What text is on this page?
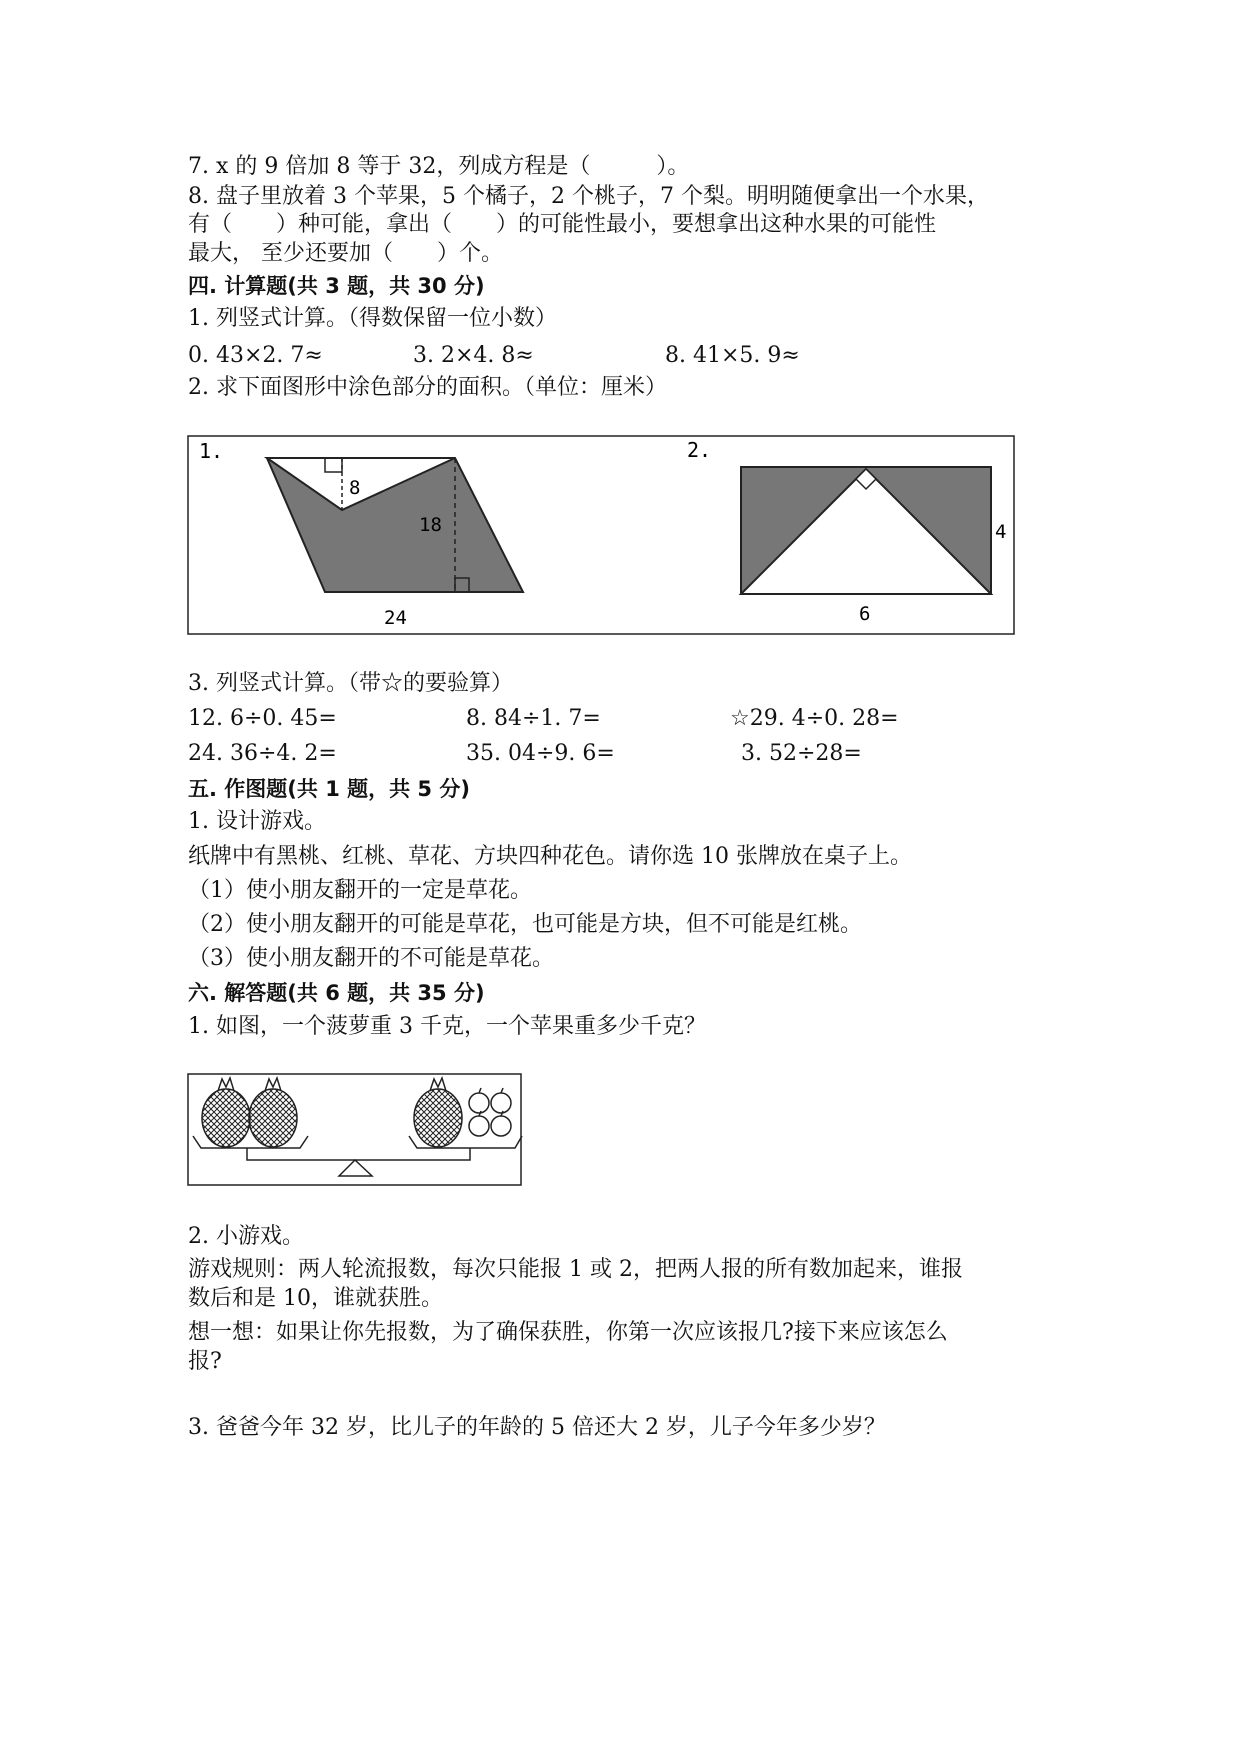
7. x 的 9 倍加 8 等于 32，列成方程是（　　　）。
8. 盘子里放着 3 个苹果，5 个橘子，2 个桃子，7 个梨。明明随便拿出一个水果，
有（　　）种可能，拿出（　　）的可能性最小，要想拿出这种水果的可能性
最大， 至少还要加（　　）个。
四. 计算题(共 3 题，共 30 分)
1. 列竖式计算。（得数保留一位小数）
0. 43×2. 7≈	3. 2×4. 8≈	8. 41×5. 9≈
2. 求下面图形中涂色部分的面积。（单位：厘米）
1.
8
18
24
2.
4
6
3. 列竖式计算。（带☆的要验算）
12. 6÷0. 45=	8. 84÷1. 7=	☆29. 4÷0. 28=
24. 36÷4. 2=	35. 04÷9. 6=	3. 52÷28=
五. 作图题(共 1 题，共 5 分)
1. 设计游戏。
纸牌中有黑桃、红桃、草花、方块四种花色。请你选 10 张牌放在桌子上。
（1）使小朋友翻开的一定是草花。
（2）使小朋友翻开的可能是草花，也可能是方块，但不可能是红桃。
（3）使小朋友翻开的不可能是草花。
六. 解答题(共 6 题，共 35 分)
1. 如图，一个菠萝重 3 千克，一个苹果重多少千克？
2. 小游戏。
游戏规则：两人轮流报数，每次只能报 1 或 2，把两人报的所有数加起来，谁报
数后和是 10，谁就获胜。
想一想：如果让你先报数，为了确保获胜，你第一次应该报几?接下来应该怎么
报?
3. 爸爸今年 32 岁，比儿子的年龄的 5 倍还大 2 岁，儿子今年多少岁？
